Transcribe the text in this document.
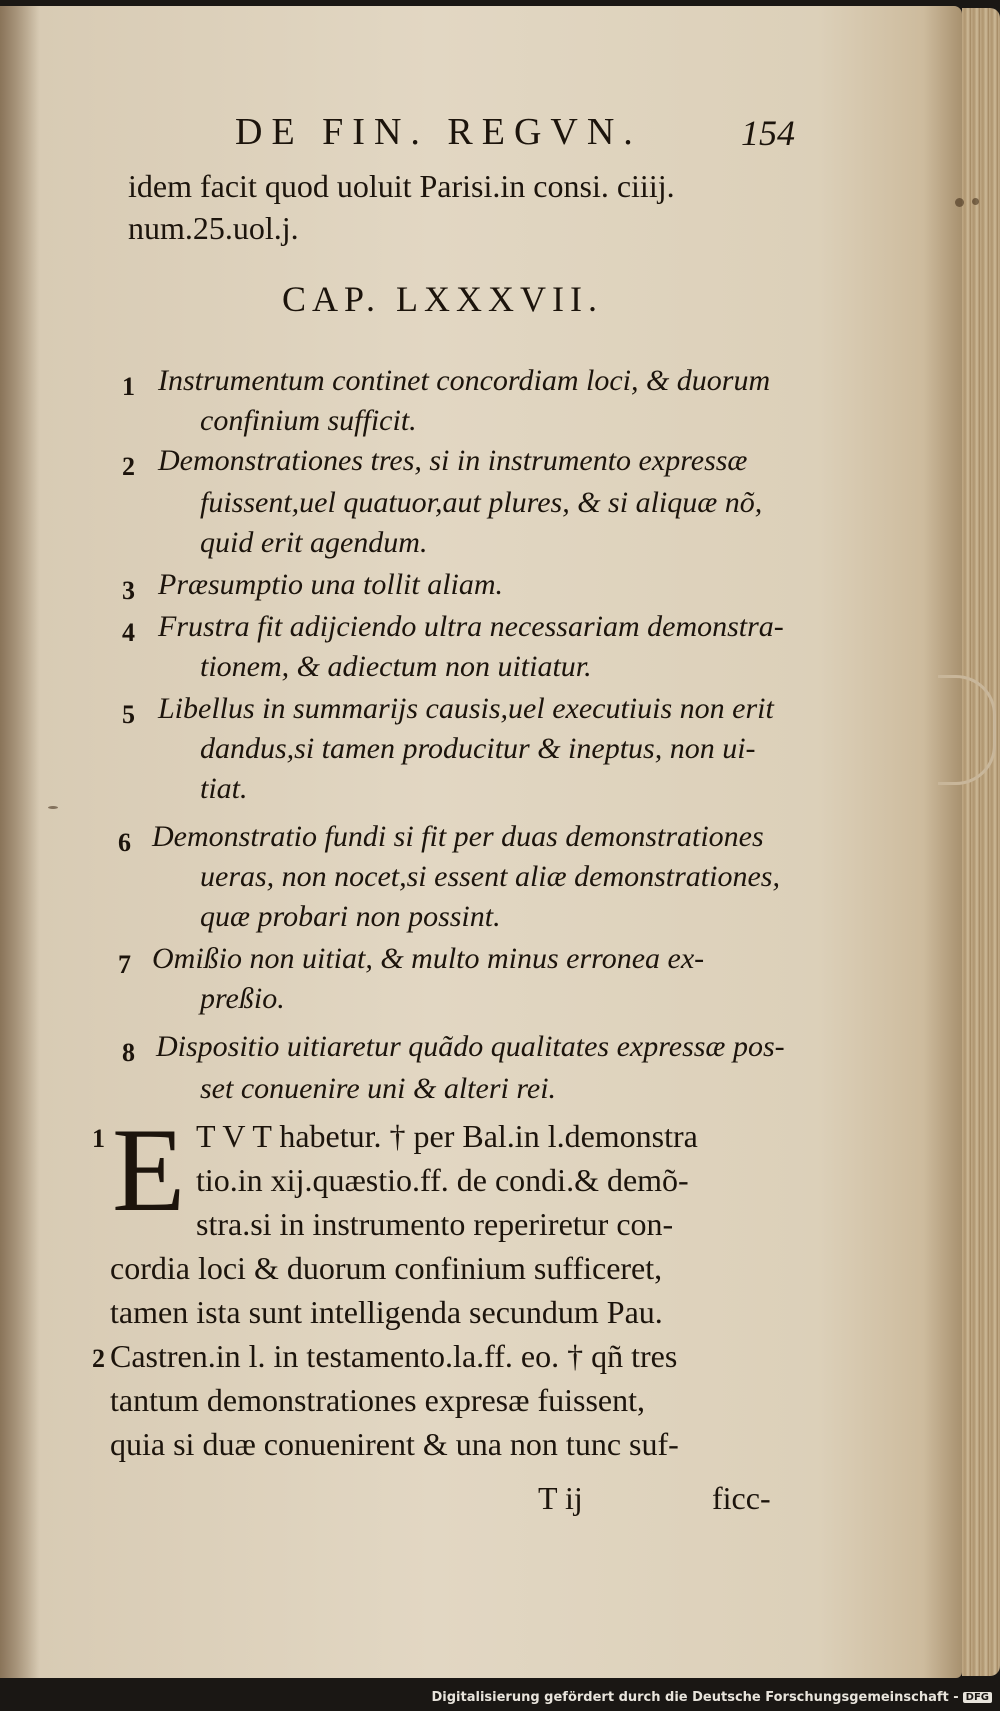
DE FIN. REGVN.	154
idem facit quod uoluit Parisi.in consi. ciiij.
num.25.uol.j.
CAP. LXXXVII.
1 Instrumentum continet concordiam loci, & duorum
confinium sufficit.
2 Demonstrationes tres, si in instrumento expressæ
fuissent,uel quatuor,aut plures, & si aliquæ nõ,
quid erit agendum.
3 Præsumptio una tollit aliam.
4 Frustra fit adijciendo ultra necessariam demonstra-
tionem, & adiectum non uitiatur.
5 Libellus in summarijs causis,uel executiuis non erit
dandus,si tamen producitur & ineptus, non ui-
tiat.
6 Demonstratio fundi si fit per duas demonstrationes
ueras, non nocet,si essent aliæ demonstrationes,
quæ probari non possint.
7 Omißio non uitiat, & multo minus erronea ex-
preßio.
8 Dispositio uitiaretur quãdo qualitates expressæ pos-
set conuenire uni & alteri rei.
1 E T V T habetur. † per Bal.in l.demonstra
tio.in xij.quæstio.ff. de condi.& demõ-
stra.si in instrumento reperiretur con-
cordia loci & duorum confinium sufficeret,
tamen ista sunt intelligenda secundum Pau.
2 Castren.in l. in testamento.la.ff. eo. † qñ tres
tantum demonstrationes expresæ fuissent,
quia si duæ conuenirent & una non tunc suf-
T ij	ficc-
Digitalisierung gefördert durch die Deutsche Forschungsgemeinschaft - DFG
